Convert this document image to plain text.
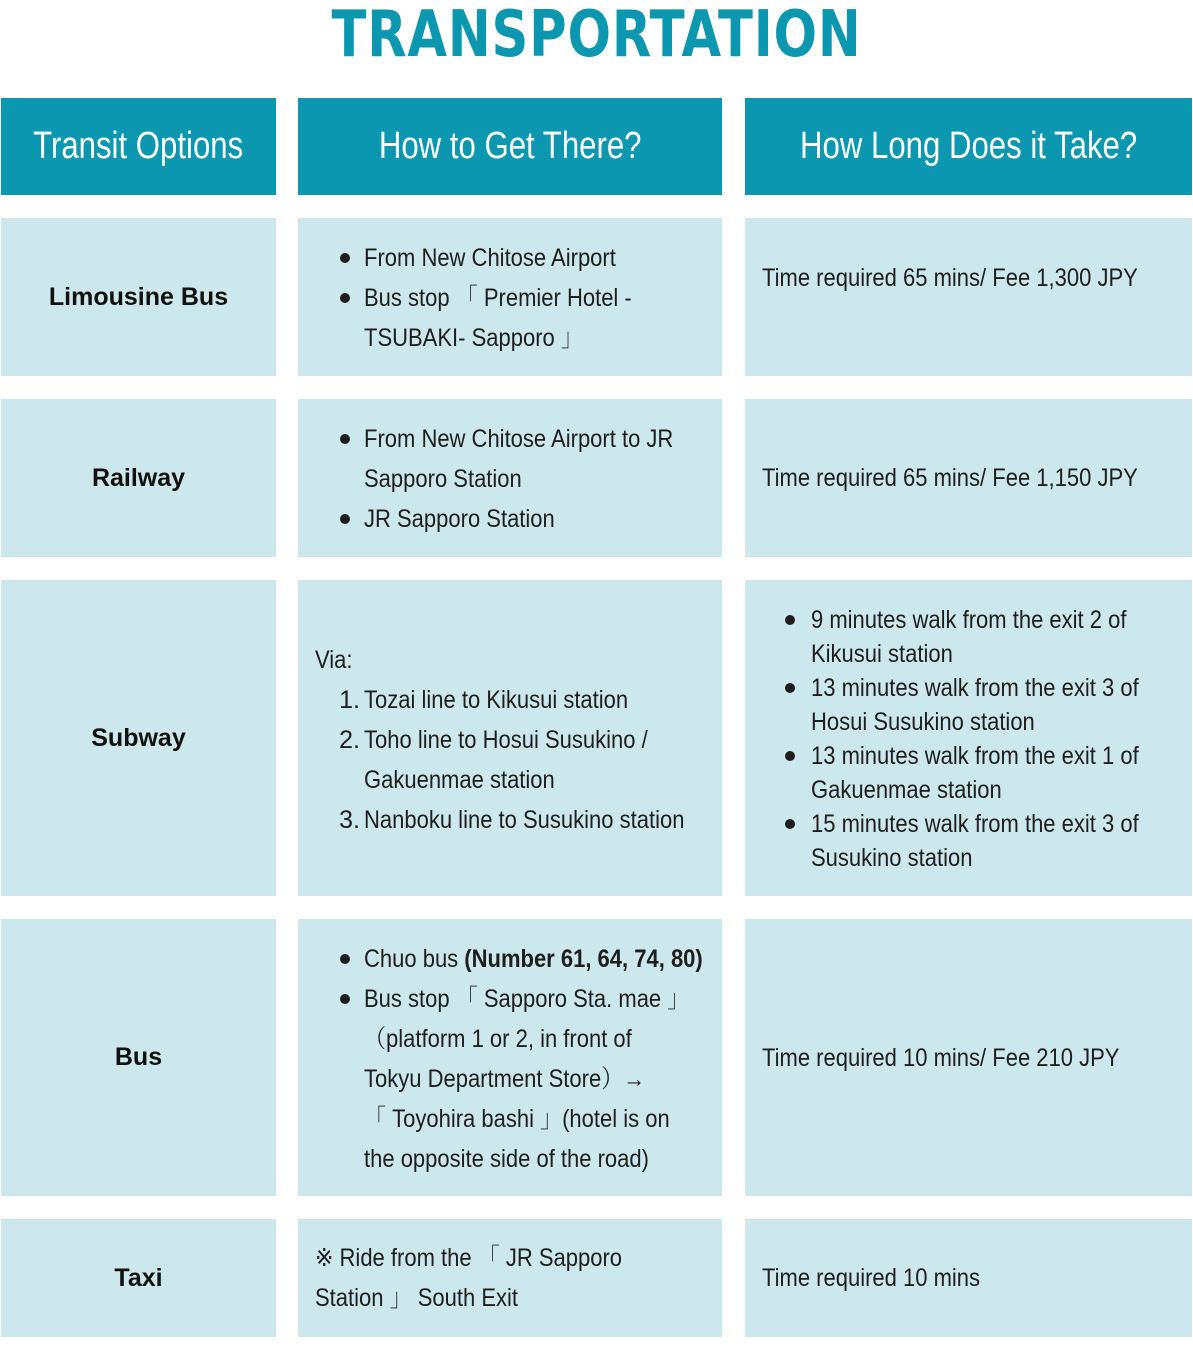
TRANSPORTATION
Transit Options	How to Get There?	How Long Does it Take?
Limousine Bus
From New Chitose Airport
Bus stop 「 Premier Hotel -
TSUBAKI- Sapporo 」
Time required 65 mins/ Fee 1,300 JPY
Railway
From New Chitose Airport to JR
Sapporo Station
JR Sapporo Station
Time required 65 mins/ Fee 1,150 JPY
Subway
Via:
1. Tozai line to Kikusui station
2. Toho line to Hosui Susukino /
Gakuenmae station
3. Nanboku line to Susukino station
9 minutes walk from the exit 2 of
Kikusui station
13 minutes walk from the exit 3 of
Hosui Susukino station
13 minutes walk from the exit 1 of
Gakuenmae station
15 minutes walk from the exit 3 of
Susukino station
Bus
Chuo bus (Number 61, 64, 74, 80)
Bus stop 「 Sapporo Sta. mae 」
（platform 1 or 2, in front of
Tokyu Department Store）→
「 Toyohira bashi 」(hotel is on
the opposite side of the road)
Time required 10 mins/ Fee 210 JPY
Taxi
※ Ride from the 「 JR Sapporo
Station 」 South Exit
Time required 10 mins
